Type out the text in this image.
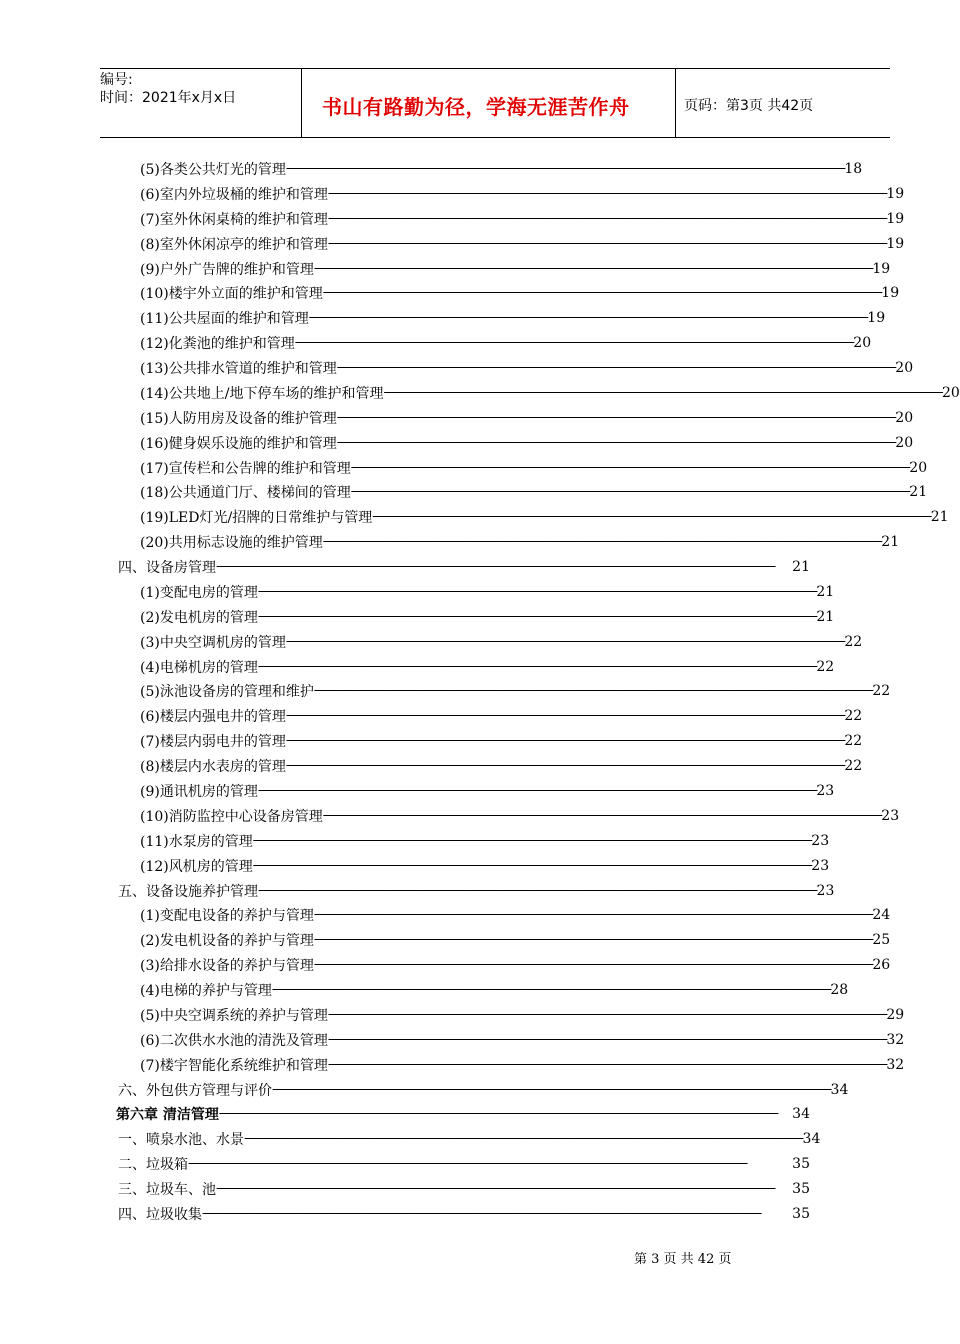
编号:
时间：2021年x月x日	书山有路勤为径，学海无涯苦作舟	页码：第3页 共42页
(5)各类公共灯光的管理 -------------------------------------------------------------------------------------------------------------------------------------------------------------------------------------------------------- 18
(6)室内外垃圾桶的维护和管理 -------------------------------------------------------------------------------------------------------------------------------------------------------------------------------------------------------- 19
(7)室外休闲桌椅的维护和管理 -------------------------------------------------------------------------------------------------------------------------------------------------------------------------------------------------------- 19
(8)室外休闲凉亭的维护和管理 -------------------------------------------------------------------------------------------------------------------------------------------------------------------------------------------------------- 19
(9)户外广告牌的维护和管理 -------------------------------------------------------------------------------------------------------------------------------------------------------------------------------------------------------- 19
(10)楼宇外立面的维护和管理 -------------------------------------------------------------------------------------------------------------------------------------------------------------------------------------------------------- 19
(11)公共屋面的维护和管理 -------------------------------------------------------------------------------------------------------------------------------------------------------------------------------------------------------- 19
(12)化粪池的维护和管理 -------------------------------------------------------------------------------------------------------------------------------------------------------------------------------------------------------- 20
(13)公共排水管道的维护和管理 -------------------------------------------------------------------------------------------------------------------------------------------------------------------------------------------------------- 20
(14)公共地上/地下停车场的维护和管理 -------------------------------------------------------------------------------------------------------------------------------------------------------------------------------------------------------- 20
(15)人防用房及设备的维护管理 -------------------------------------------------------------------------------------------------------------------------------------------------------------------------------------------------------- 20
(16)健身娱乐设施的维护和管理 -------------------------------------------------------------------------------------------------------------------------------------------------------------------------------------------------------- 20
(17)宣传栏和公告牌的维护和管理 -------------------------------------------------------------------------------------------------------------------------------------------------------------------------------------------------------- 20
(18)公共通道门厅、楼梯间的管理 -------------------------------------------------------------------------------------------------------------------------------------------------------------------------------------------------------- 21
(19)LED灯光/招牌的日常维护与管理 -------------------------------------------------------------------------------------------------------------------------------------------------------------------------------------------------------- 21
(20)共用标志设施的维护管理 -------------------------------------------------------------------------------------------------------------------------------------------------------------------------------------------------------- 21
四、设备房管理 --------------------------------------------------------------------------------------------------------------------------------------------------------------------------------------------------------	21
(1)变配电房的管理 -------------------------------------------------------------------------------------------------------------------------------------------------------------------------------------------------------- 21
(2)发电机房的管理 -------------------------------------------------------------------------------------------------------------------------------------------------------------------------------------------------------- 21
(3)中央空调机房的管理 -------------------------------------------------------------------------------------------------------------------------------------------------------------------------------------------------------- 22
(4)电梯机房的管理 -------------------------------------------------------------------------------------------------------------------------------------------------------------------------------------------------------- 22
(5)泳池设备房的管理和维护 -------------------------------------------------------------------------------------------------------------------------------------------------------------------------------------------------------- 22
(6)楼层内强电井的管理 -------------------------------------------------------------------------------------------------------------------------------------------------------------------------------------------------------- 22
(7)楼层内弱电井的管理 -------------------------------------------------------------------------------------------------------------------------------------------------------------------------------------------------------- 22
(8)楼层内水表房的管理 -------------------------------------------------------------------------------------------------------------------------------------------------------------------------------------------------------- 22
(9)通讯机房的管理 -------------------------------------------------------------------------------------------------------------------------------------------------------------------------------------------------------- 23
(10)消防监控中心设备房管理 -------------------------------------------------------------------------------------------------------------------------------------------------------------------------------------------------------- 23
(11)水泵房的管理 -------------------------------------------------------------------------------------------------------------------------------------------------------------------------------------------------------- 23
(12)风机房的管理 -------------------------------------------------------------------------------------------------------------------------------------------------------------------------------------------------------- 23
五、设备设施养护管理 -------------------------------------------------------------------------------------------------------------------------------------------------------------------------------------------------------- 23
(1)变配电设备的养护与管理 -------------------------------------------------------------------------------------------------------------------------------------------------------------------------------------------------------- 24
(2)发电机设备的养护与管理 -------------------------------------------------------------------------------------------------------------------------------------------------------------------------------------------------------- 25
(3)给排水设备的养护与管理 -------------------------------------------------------------------------------------------------------------------------------------------------------------------------------------------------------- 26
(4)电梯的养护与管理 -------------------------------------------------------------------------------------------------------------------------------------------------------------------------------------------------------- 28
(5)中央空调系统的养护与管理 -------------------------------------------------------------------------------------------------------------------------------------------------------------------------------------------------------- 29
(6)二次供水水池的清洗及管理 -------------------------------------------------------------------------------------------------------------------------------------------------------------------------------------------------------- 32
(7)楼宇智能化系统维护和管理 -------------------------------------------------------------------------------------------------------------------------------------------------------------------------------------------------------- 32
六、外包供方管理与评价 -------------------------------------------------------------------------------------------------------------------------------------------------------------------------------------------------------- 34
第六章 清洁管理 --------------------------------------------------------------------------------------------------------------------------------------------------------------------------------------------------------	34
一、喷泉水池、水景 -------------------------------------------------------------------------------------------------------------------------------------------------------------------------------------------------------- 34
二、垃圾箱 --------------------------------------------------------------------------------------------------------------------------------------------------------------------------------------------------------	35
三、垃圾车、池 --------------------------------------------------------------------------------------------------------------------------------------------------------------------------------------------------------	35
四、垃圾收集 --------------------------------------------------------------------------------------------------------------------------------------------------------------------------------------------------------	35
第 3 页 共 42 页
